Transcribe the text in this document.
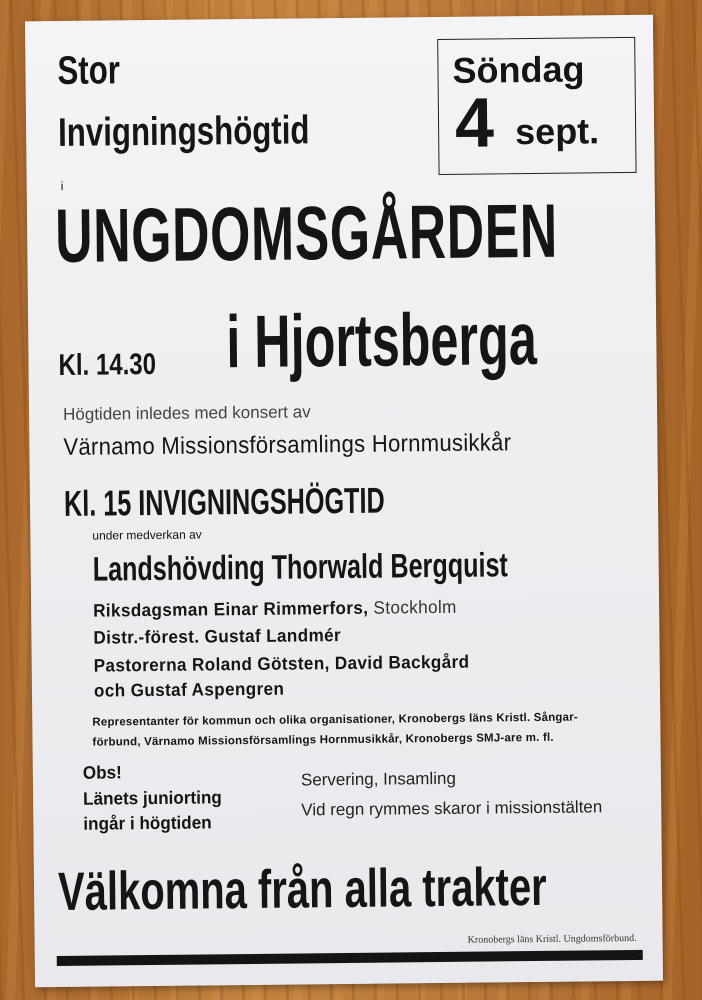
Stor
Invigningshögtid
i
Söndag
4 sept.
UNGDOMSGÅRDEN
i Hjortsberga
Kl. 14.30
Högtiden inledes med konsert av
Värnamo Missionsförsamlings Hornmusikkår
Kl. 15 INVIGNINGSHÖGTID
under medverkan av
Landshövding Thorwald Bergquist
Riksdagsman Einar Rimmerfors, Stockholm
Distr.-förest. Gustaf Landmér
Pastorerna Roland Götsten, David Backgård
och Gustaf Aspengren
Representanter för kommun och olika organisationer, Kronobergs läns Kristl. Sångar-
förbund, Värnamo Missionsförsamlings Hornmusikkår, Kronobergs SMJ-are m. fl.
Obs!
Länets juniorting
ingår i högtiden
Servering, Insamling
Vid regn rymmes skaror i missionstälten
Välkomna från alla trakter
Kronobergs läns Kristl. Ungdomsförbund.
